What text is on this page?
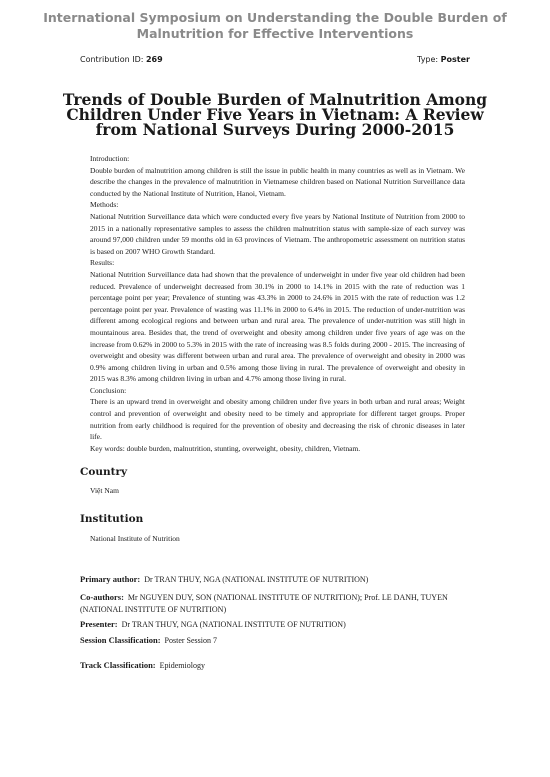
International Symposium on Understanding the Double Burden of
Malnutrition for Effective Interventions
Contribution ID: 269	Type: Poster
Trends of Double Burden of Malnutrition Among
Children Under Five Years in Vietnam: A Review
from National Surveys During 2000-2015

Introduction:

Double burden of malnutrition among children is still the issue in public health in many countries as well as in Vietnam. We describe the changes in the prevalence of malnutrition in Vietnamese children based on National Nutrition Surveillance data conducted by the National Institute of Nutrition, Hanoi, Vietnam.

Methods:

National Nutrition Surveillance data which were conducted every five years by National Institute of Nutrition from 2000 to 2015 in a nationally representative samples to assess the children malnutrition status with sample-size of each survey was around 97,000 children under 59 months old in 63 provinces of Vietnam. The anthropometric assessment on nutrition status is based on 2007 WHO Growth Standard.

Results:

National Nutrition Surveillance data had shown that the prevalence of underweight in under five year old children had been reduced. Prevalence of underweight decreased from 30.1% in 2000 to 14.1% in 2015 with the rate of reduction was 1 percentage point per year; Prevalence of stunting was 43.3% in 2000 to 24.6% in 2015 with the rate of reduction was 1.2 percentage point per year. Prevalence of wasting was 11.1% in 2000 to 6.4% in 2015. The reduction of under-nutrition was different among ecological regions and between urban and rural area. The prevalence of under-nutrition was still high in mountainous area. Besides that, the trend of overweight and obesity among children under five years of age was on the increase from 0.62% in 2000 to 5.3% in 2015 with the rate of increasing was 8.5 folds during 2000 - 2015. The increasing of overweight and obesity was different between urban and rural area. The prevalence of overweight and obesity in 2000 was 0.9% among children living in urban and 0.5% among those living in rural. The prevalence of overweight and obesity in 2015 was 8.3% among children living in urban and 4.7% among those living in rural.

Conclusion:

There is an upward trend in overweight and obesity among children under five years in both urban and rural areas; Weight control and prevention of overweight and obesity need to be timely and appropriate for different target groups. Proper nutrition from early childhood is required for the prevention of obesity and decreasing the risk of chronic diseases in later life.

Key words: double burden, malnutrition, stunting, overweight, obesity, children, Vietnam.

Country
Việt Nam
Institution
National Institute of Nutrition
Primary author: Dr TRAN THUY, NGA (NATIONAL INSTITUTE OF NUTRITION)
Co-authors: Mr NGUYEN DUY, SON (NATIONAL INSTITUTE OF NUTRITION); Prof. LE DANH, TUYEN (NATIONAL INSTITUTE OF NUTRITION)
Presenter: Dr TRAN THUY, NGA (NATIONAL INSTITUTE OF NUTRITION)
Session Classification: Poster Session 7
Track Classification: Epidemiology
